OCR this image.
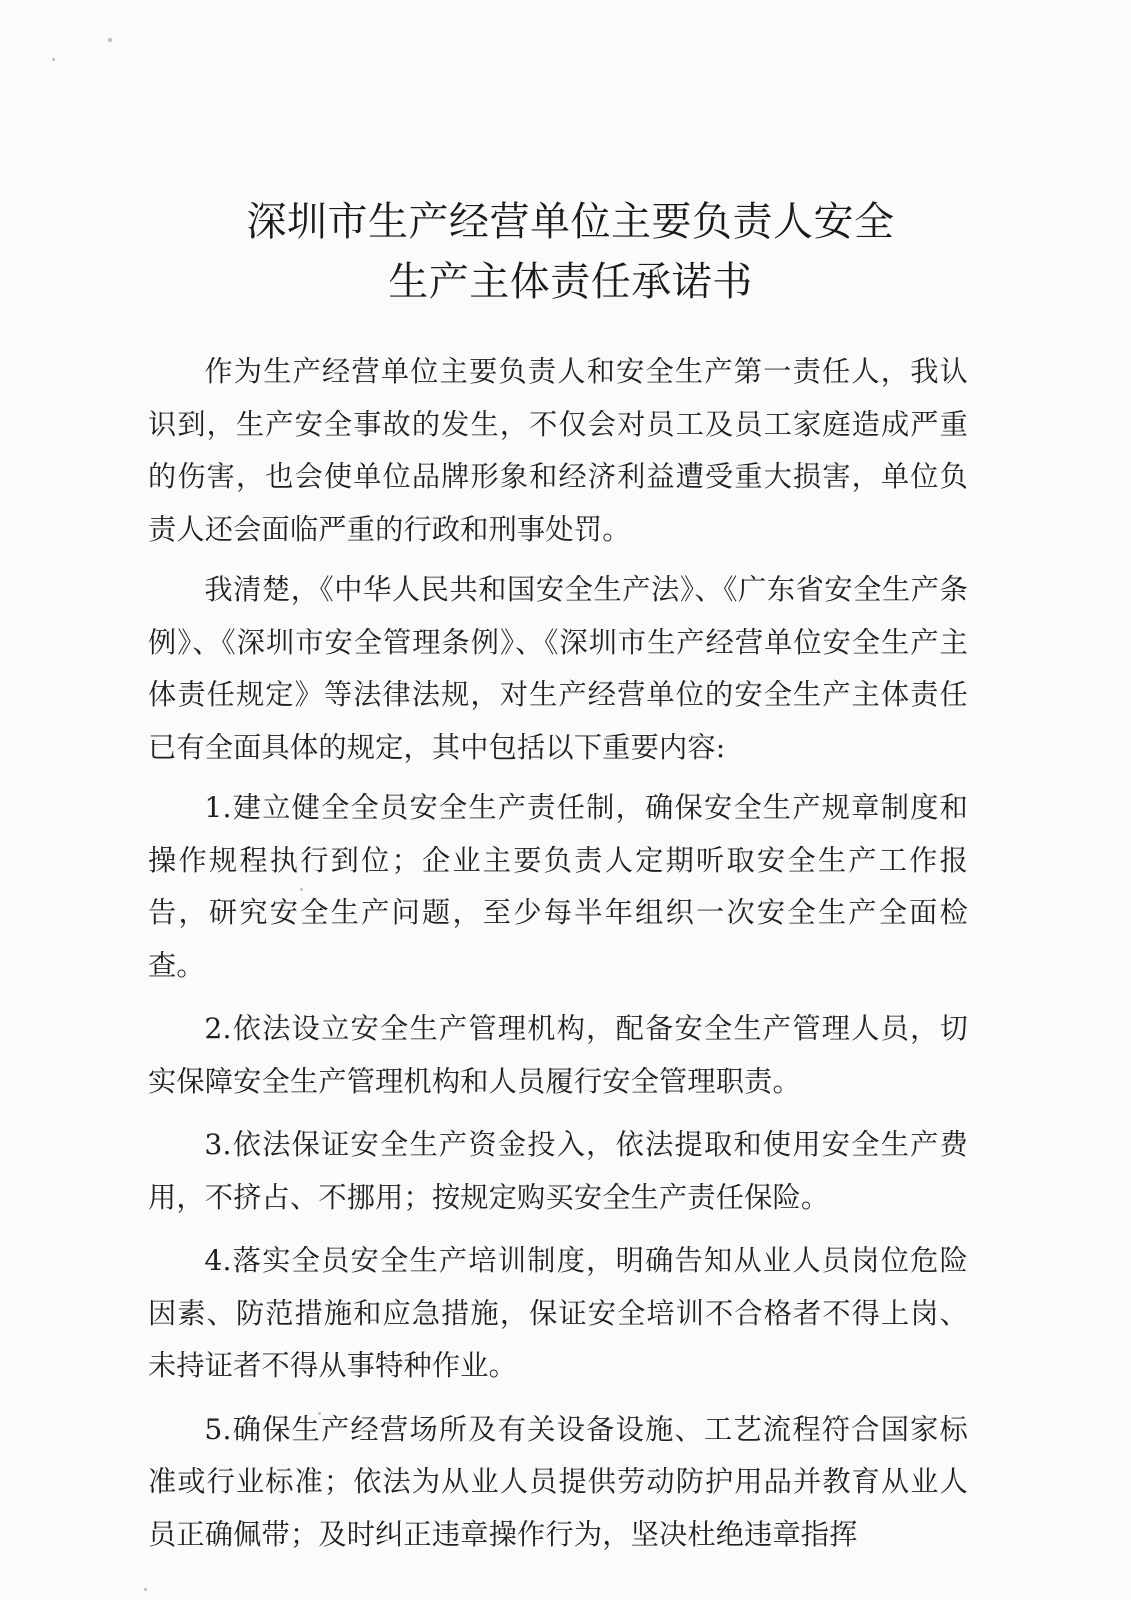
深圳市生产经营单位主要负责人安全
生产主体责任承诺书

作为生产经营单位主要负责人和安全生产第一责任人，我认识到，生产安全事故的发生，不仅会对员工及员工家庭造成严重的伤害，也会使单位品牌形象和经济利益遭受重大损害，单位负责人还会面临严重的行政和刑事处罚。

我清楚，《中华人民共和国安全生产法》、《广东省安全生产条例》、《深圳市安全管理条例》、《深圳市生产经营单位安全生产主体责任规定》等法律法规，对生产经营单位的安全生产主体责任已有全面具体的规定，其中包括以下重要内容:

1.建立健全全员安全生产责任制，确保安全生产规章制度和操作规程执行到位；企业主要负责人定期听取安全生产工作报告，研究安全生产问题，至少每半年组织一次安全生产全面检查。

2.依法设立安全生产管理机构，配备安全生产管理人员，切实保障安全生产管理机构和人员履行安全管理职责。

3.依法保证安全生产资金投入，依法提取和使用安全生产费用，不挤占、不挪用；按规定购买安全生产责任保险。

4.落实全员安全生产培训制度，明确告知从业人员岗位危险因素、防范措施和应急措施，保证安全培训不合格者不得上岗、未持证者不得从事特种作业。

5.确保生产经营场所及有关设备设施、工艺流程符合国家标准或行业标准；依法为从业人员提供劳动防护用品并教育从业人员正确佩带；及时纠正违章操作行为，坚决杜绝违章指挥
